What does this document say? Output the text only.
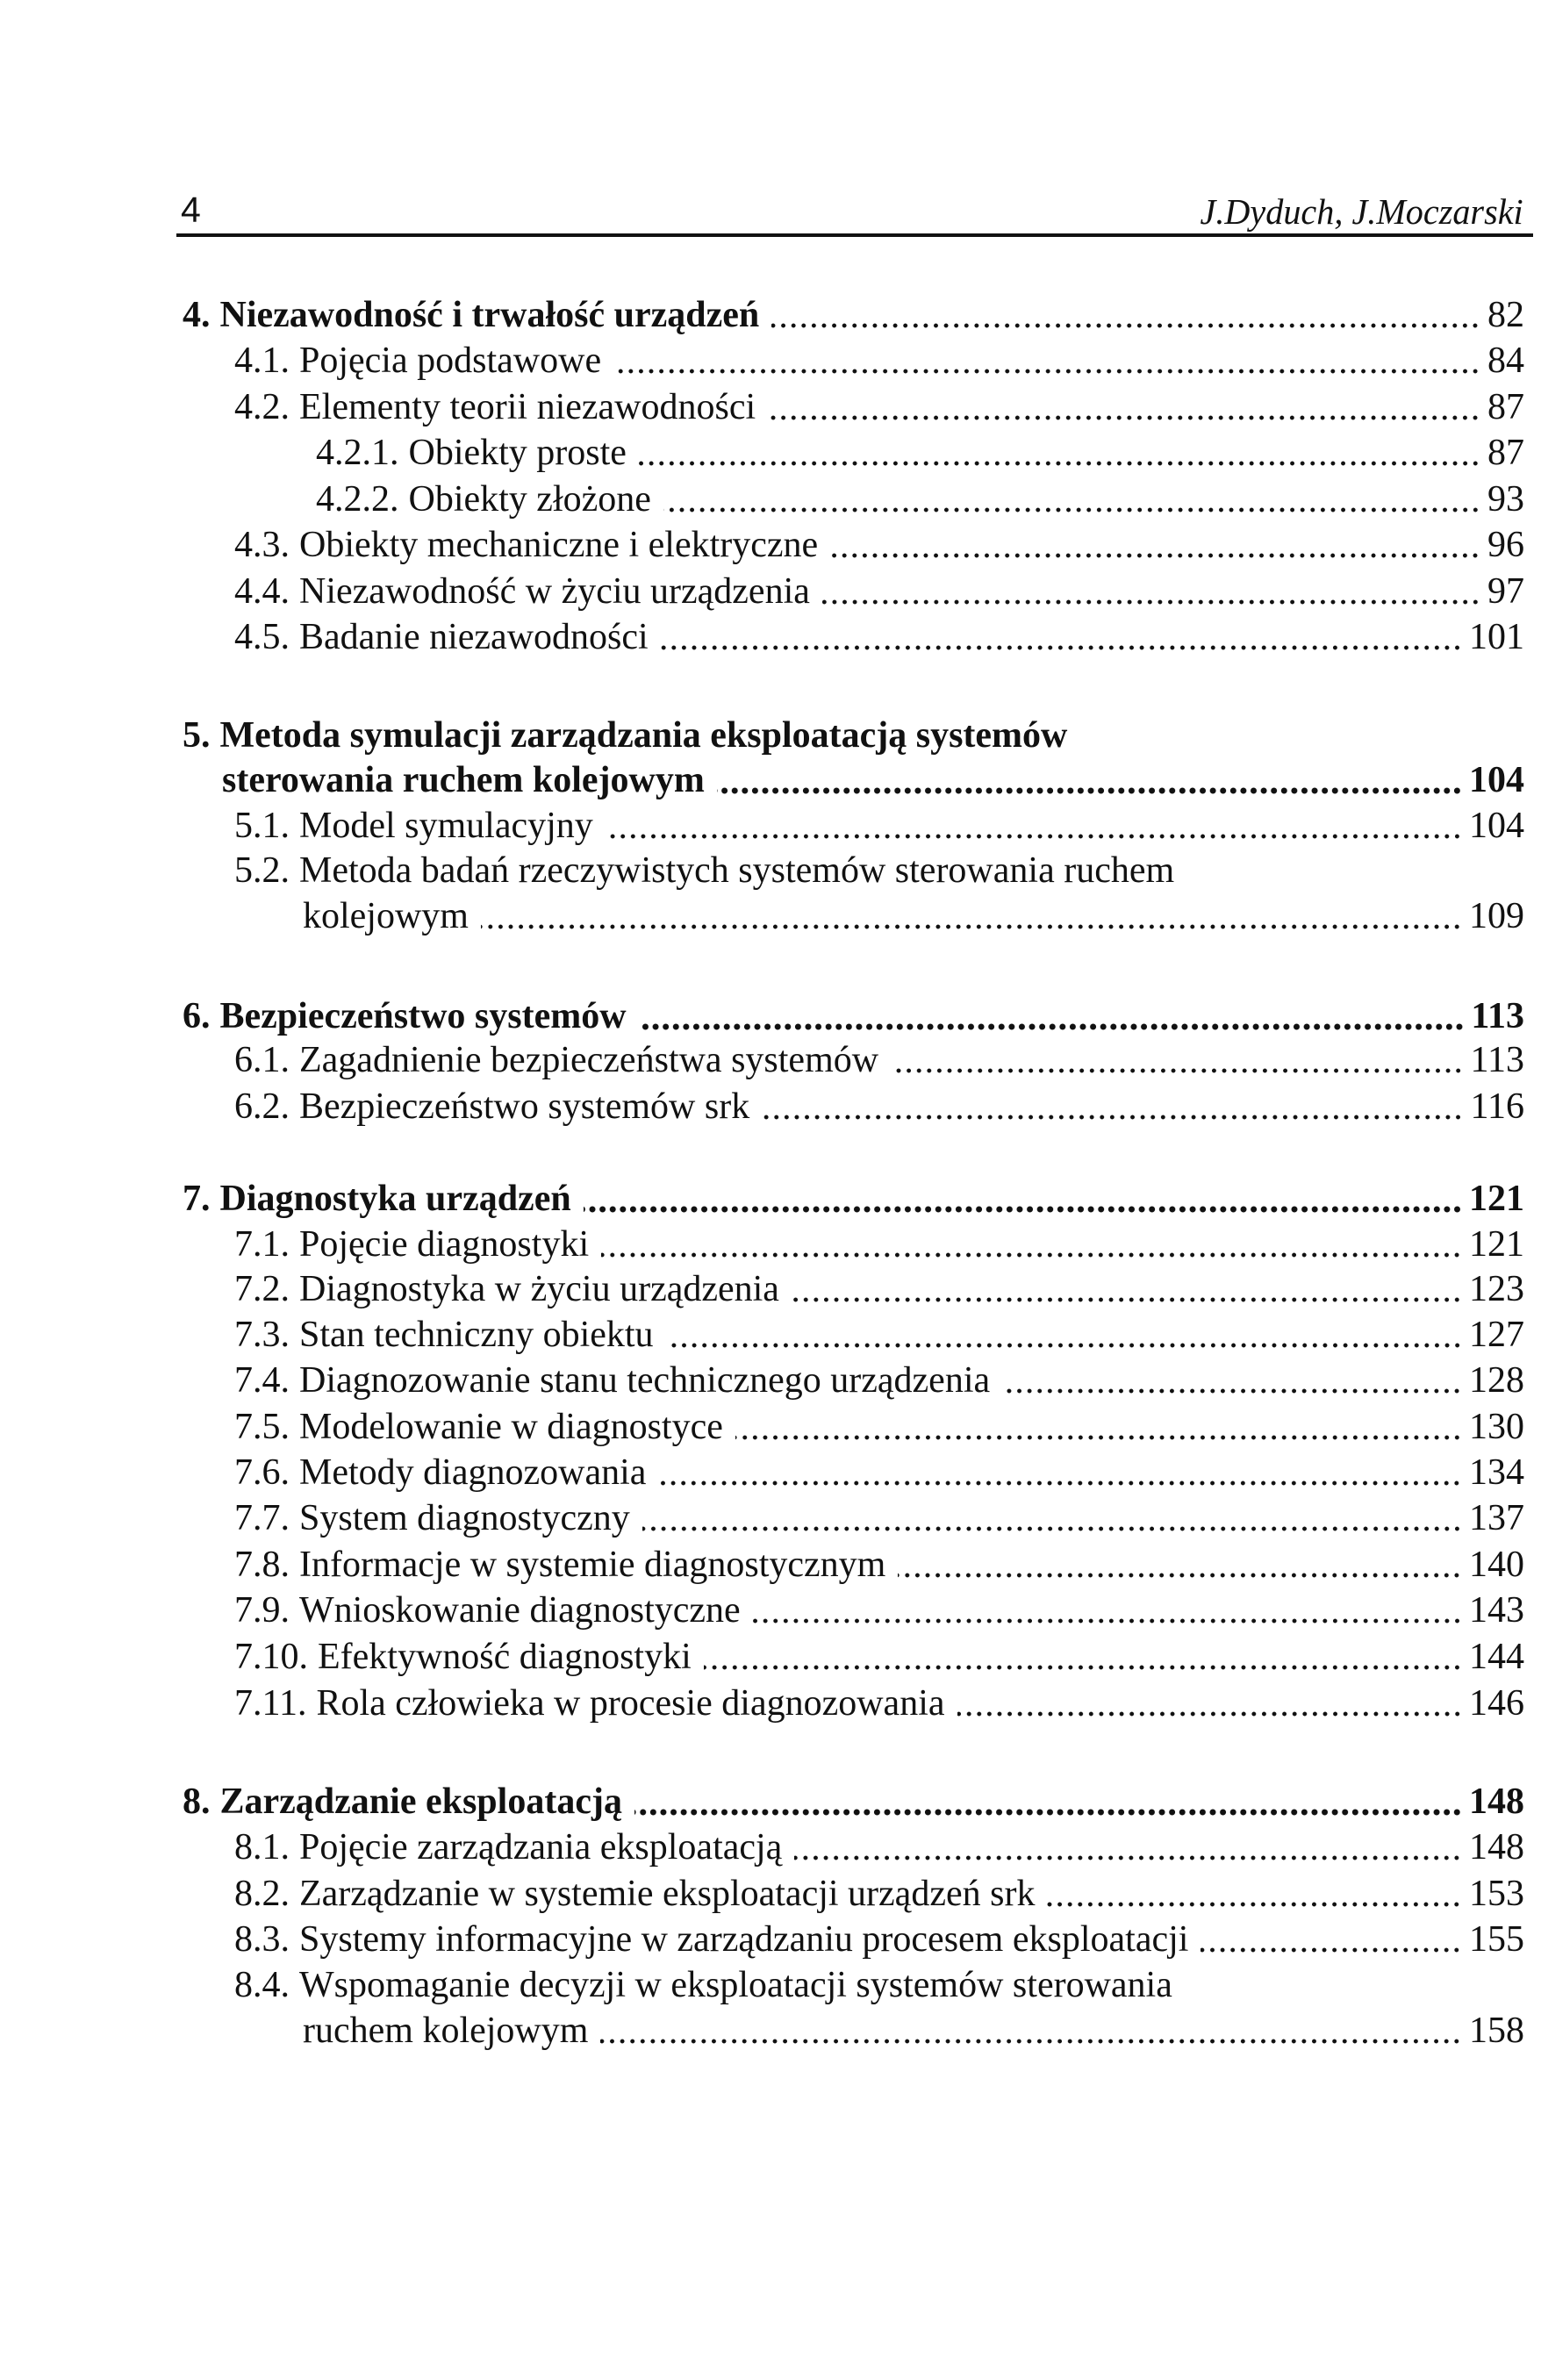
4	J.Dyduch, J.Moczarski
4. Niezawodność i trwałość urządzeń	82
4.1. Pojęcia podstawowe	84
4.2. Elementy teorii niezawodności	87
4.2.1. Obiekty proste	87
4.2.2. Obiekty złożone	93
4.3. Obiekty mechaniczne i elektryczne	96
4.4. Niezawodność w życiu urządzenia	97
4.5. Badanie niezawodności	101
5. Metoda symulacji zarządzania eksploatacją systemów
sterowania ruchem kolejowym	104
5.1. Model symulacyjny	104
5.2. Metoda badań rzeczywistych systemów sterowania ruchem
kolejowym	109
6. Bezpieczeństwo systemów	113
6.1. Zagadnienie bezpieczeństwa systemów	113
6.2. Bezpieczeństwo systemów srk	116
7. Diagnostyka urządzeń	121
7.1. Pojęcie diagnostyki	121
7.2. Diagnostyka w życiu urządzenia	123
7.3. Stan techniczny obiektu	127
7.4. Diagnozowanie stanu technicznego urządzenia	128
7.5. Modelowanie w diagnostyce	130
7.6. Metody diagnozowania	134
7.7. System diagnostyczny	137
7.8. Informacje w systemie diagnostycznym	140
7.9. Wnioskowanie diagnostyczne	143
7.10. Efektywność diagnostyki	144
7.11. Rola człowieka w procesie diagnozowania	146
8. Zarządzanie eksploatacją	148
8.1. Pojęcie zarządzania eksploatacją	148
8.2. Zarządzanie w systemie eksploatacji urządzeń srk	153
8.3. Systemy informacyjne w zarządzaniu procesem eksploatacji	155
8.4. Wspomaganie decyzji w eksploatacji systemów sterowania
ruchem kolejowym	158
